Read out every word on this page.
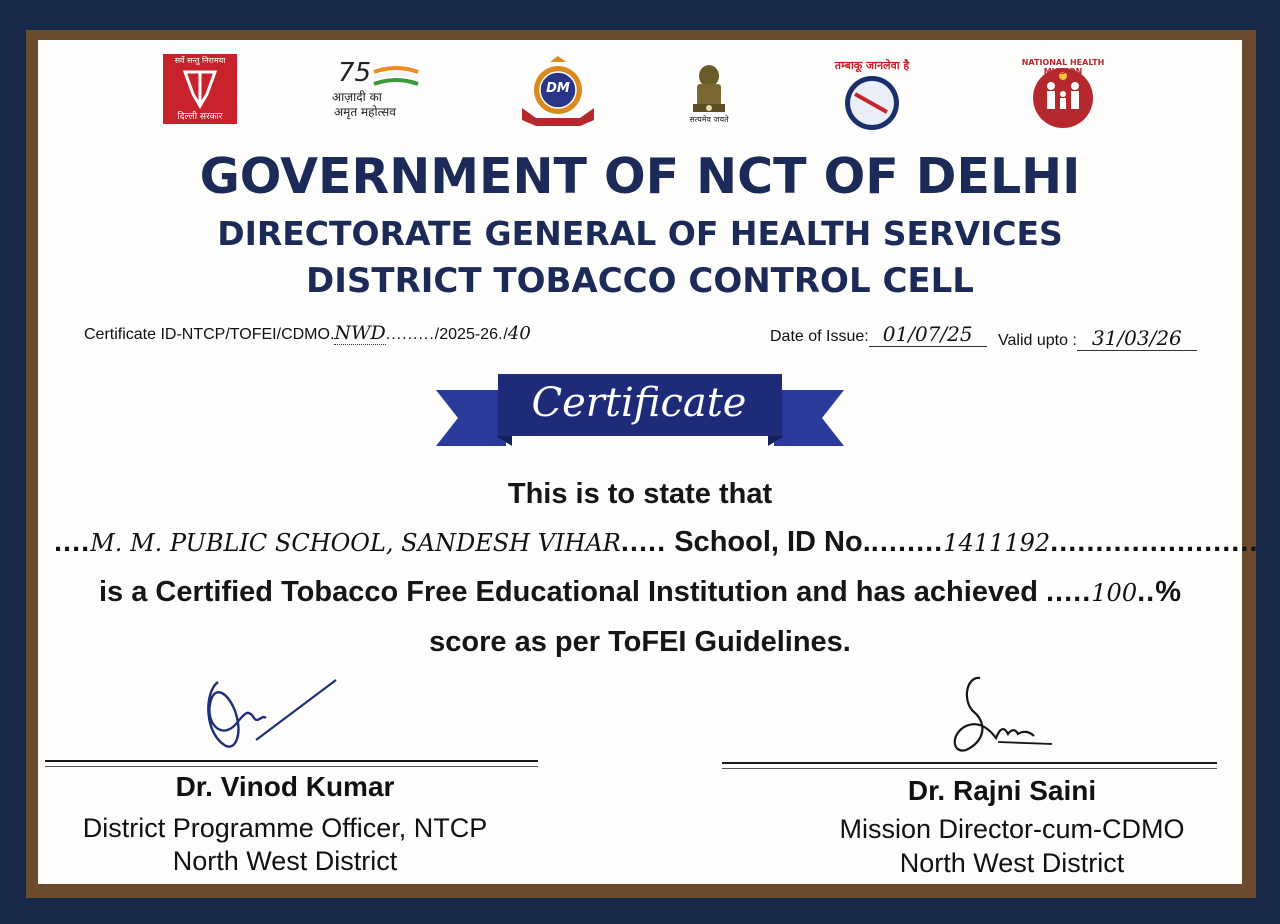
सर्वे सन्तु निरामया
दिल्ली सरकार
75
आज़ादी का
अमृत महोत्सव
DM
सत्यमेव जयते
तम्बाकू जानलेवा है	NATIONAL HEALTH MISSION
GOVERNMENT OF NCT OF DELHI
DIRECTORATE GENERAL OF HEALTH SERVICES
DISTRICT TOBACCO CONTROL CELL
Certificate ID-NTCP/TOFEI/CDMO.NWD........./2025-26./40	Date of Issue: 01/07/25	Valid upto : 31/03/26
Certificate
This is to state that
....M. M. PUBLIC SCHOOL, SANDESH VIHAR..... School, ID No.........1411192.......................
is a Certified Tobacco Free Educational Institution and has achieved .....100..%
score as per ToFEI Guidelines.
Dr. Vinod Kumar
District Programme Officer, NTCP
North West District
Dr. Rajni Saini
Mission Director-cum-CDMO
North West District
